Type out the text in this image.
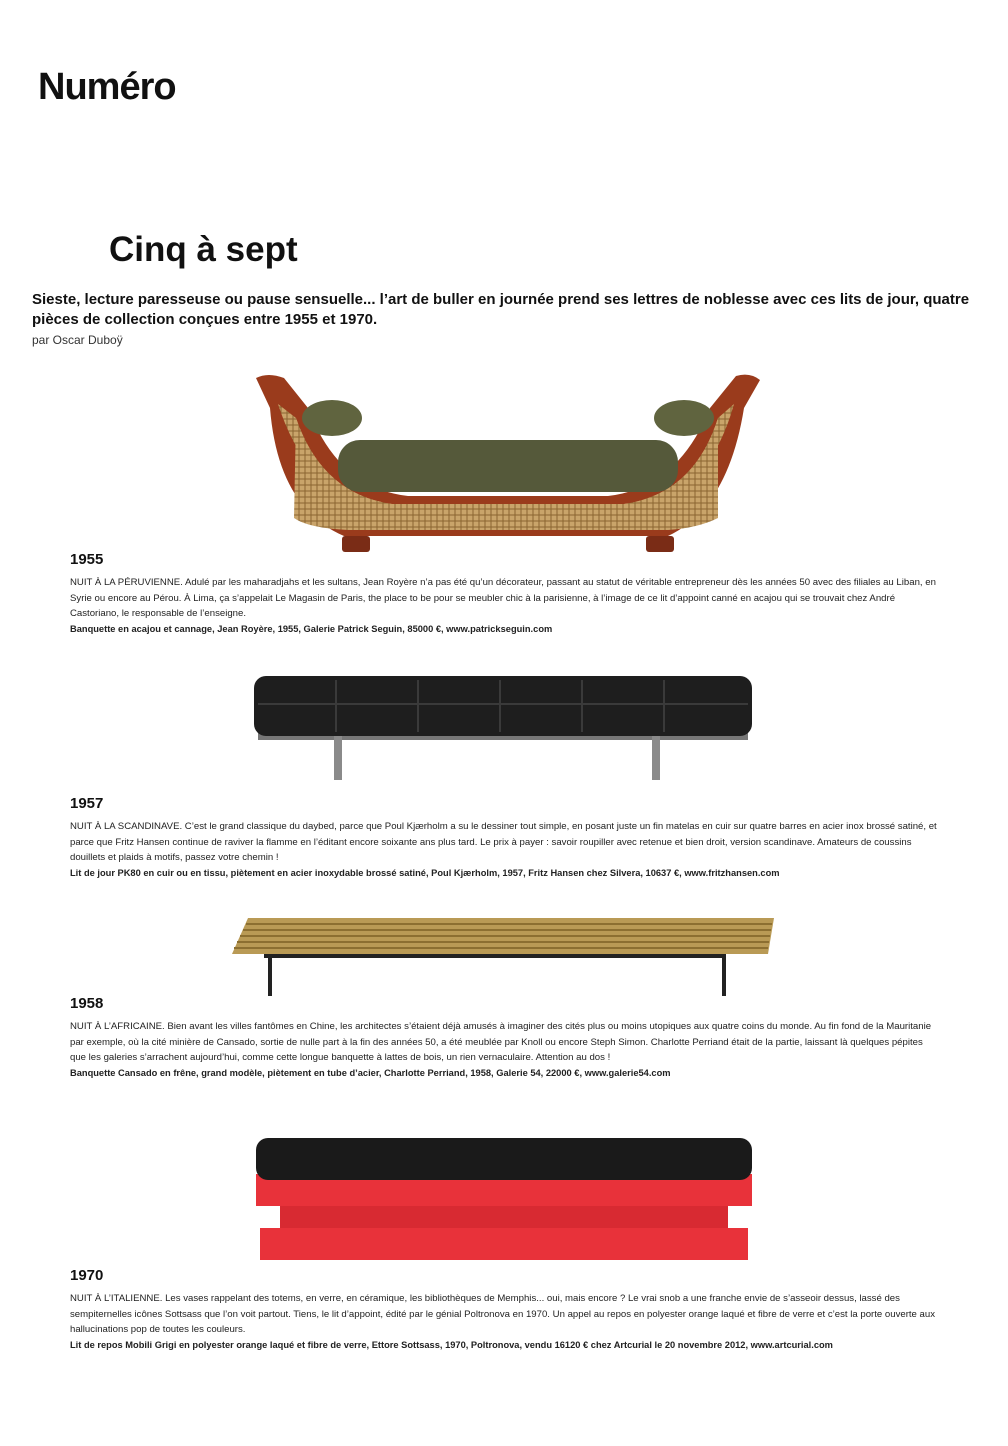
Numéro
Cinq à sept
Sieste, lecture paresseuse ou pause sensuelle... l’art de buller en journée prend ses lettres de noblesse avec ces lits de jour, quatre pièces de collection conçues entre 1955 et 1970.
par Oscar Duboÿ
1955

NUIT À LA PÉRUVIENNE. Adulé par les maharadjahs et les sultans, Jean Royère n’a pas été qu’un décorateur, passant au statut de véritable entrepreneur dès les années 50 avec des filiales au Liban, en Syrie ou encore au Pérou. À Lima, ça s’appelait Le Magasin de Paris, the place to be pour se meubler chic à la parisienne, à l’image de ce lit d’appoint canné en acajou qui se trouvait chez André Castoriano, le responsable de l’enseigne.

Banquette en acajou et cannage, Jean Royère, 1955, Galerie Patrick Seguin, 85000 €, www.patrickseguin.com

1957

NUIT À LA SCANDINAVE. C’est le grand classique du daybed, parce que Poul Kjærholm a su le dessiner tout simple, en posant juste un fin matelas en cuir sur quatre barres en acier inox brossé satiné, et parce que Fritz Hansen continue de raviver la flamme en l’éditant encore soixante ans plus tard. Le prix à payer : savoir roupiller avec retenue et bien droit, version scandinave. Amateurs de coussins douillets et plaids à motifs, passez votre chemin !

Lit de jour PK80 en cuir ou en tissu, piètement en acier inoxydable brossé satiné, Poul Kjærholm, 1957, Fritz Hansen chez Silvera, 10637 €, www.fritzhansen.com

1958

NUIT À L’AFRICAINE. Bien avant les villes fantômes en Chine, les architectes s’étaient déjà amusés à imaginer des cités plus ou moins utopiques aux quatre coins du monde. Au fin fond de la Mauritanie par exemple, où la cité minière de Cansado, sortie de nulle part à la fin des années 50, a été meublée par Knoll ou encore Steph Simon. Charlotte Perriand était de la partie, laissant là quelques pépites que les galeries s’arrachent aujourd’hui, comme cette longue banquette à lattes de bois, un rien vernaculaire. Attention au dos !

Banquette Cansado en frêne, grand modèle, piètement en tube d’acier, Charlotte Perriand, 1958, Galerie 54, 22000 €, www.galerie54.com

1970

NUIT À L’ITALIENNE. Les vases rappelant des totems, en verre, en céramique, les bibliothèques de Memphis... oui, mais encore ? Le vrai snob a une franche envie de s’asseoir dessus, lassé des sempiternelles icônes Sottsass que l’on voit partout. Tiens, le lit d’appoint, édité par le génial Poltronova en 1970. Un appel au repos en polyester orange laqué et fibre de verre et c’est la porte ouverte aux hallucinations pop de toutes les couleurs.

Lit de repos Mobili Grigi en polyester orange laqué et fibre de verre, Ettore Sottsass, 1970, Poltronova, vendu 16120 € chez Artcurial le 20 novembre 2012, www.artcurial.com
